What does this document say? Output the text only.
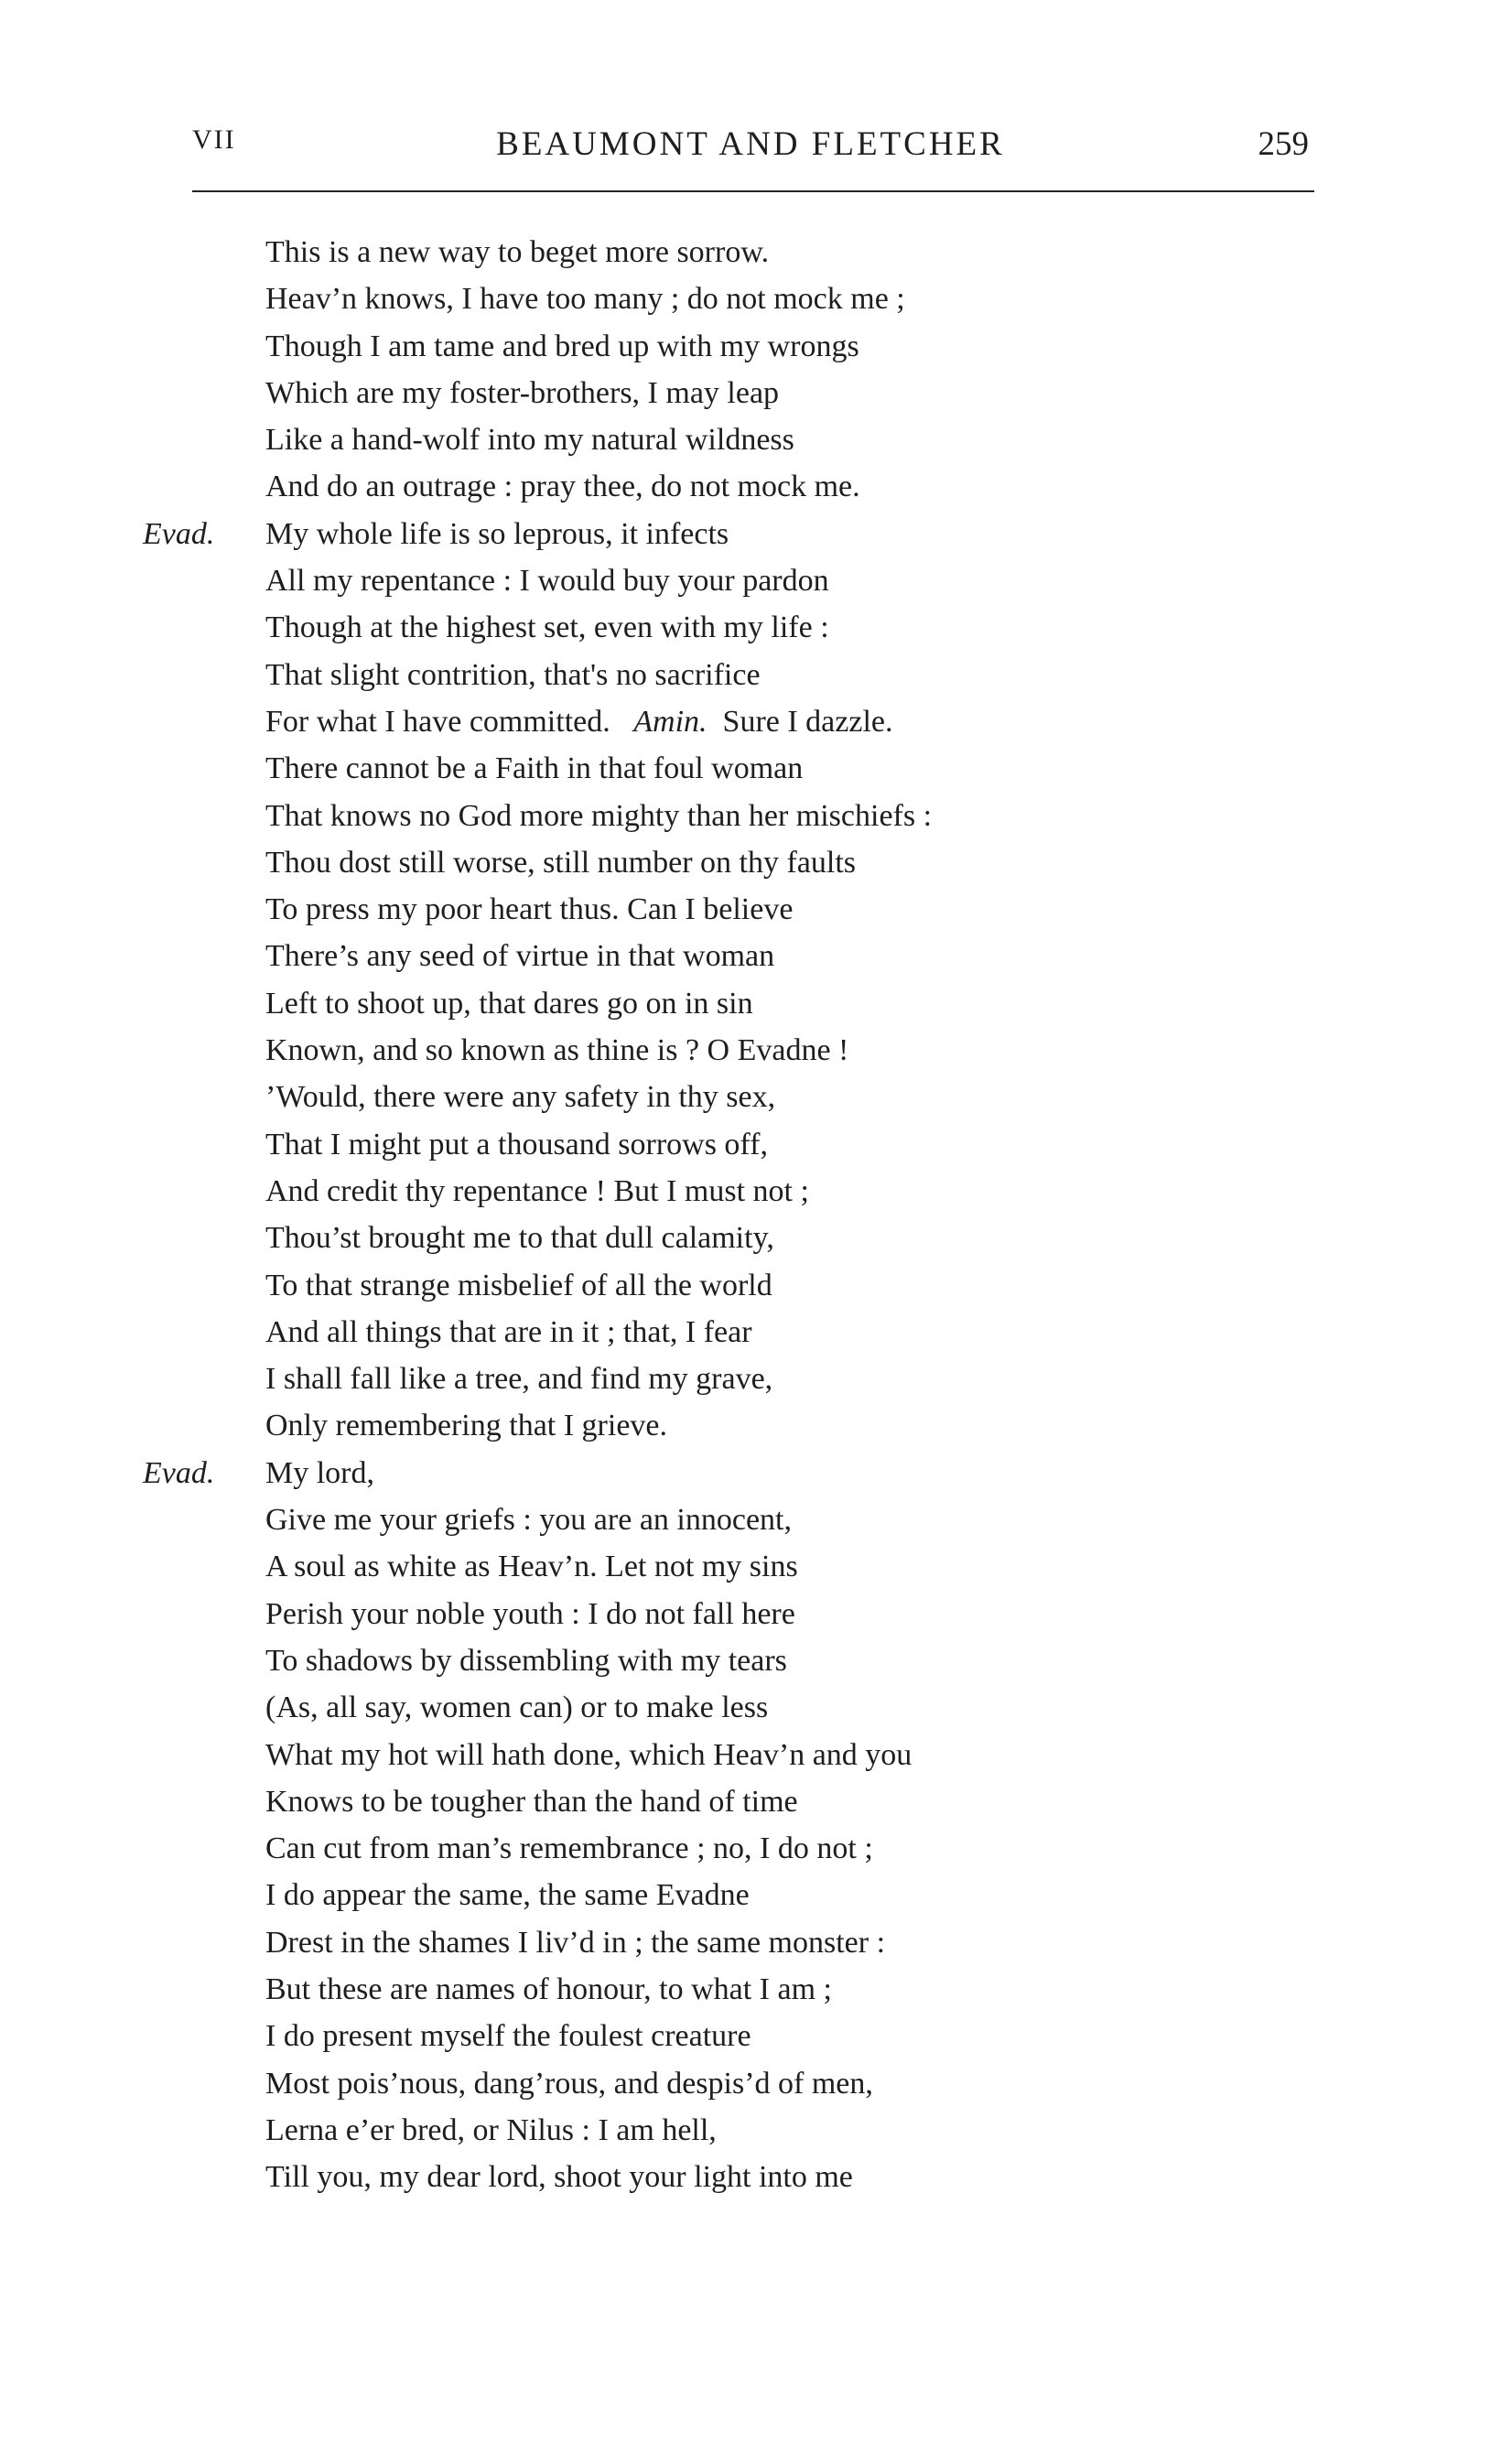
VII	BEAUMONT AND FLETCHER	259
This is a new way to beget more sorrow.
Heav’n knows, I have too many ; do not mock me ;
Though I am tame and bred up with my wrongs
Which are my foster-brothers, I may leap
Like a hand-wolf into my natural wildness
And do an outrage : pray thee, do not mock me.
Evad. My whole life is so leprous, it infects
All my repentance : I would buy your pardon
Though at the highest set, even with my life :
That slight contrition, that's no sacrifice
For what I have committed. Amin. Sure I dazzle.
There cannot be a Faith in that foul woman
That knows no God more mighty than her mischiefs :
Thou dost still worse, still number on thy faults
To press my poor heart thus. Can I believe
There’s any seed of virtue in that woman
Left to shoot up, that dares go on in sin
Known, and so known as thine is ? O Evadne !
’Would, there were any safety in thy sex,
That I might put a thousand sorrows off,
And credit thy repentance ! But I must not ;
Thou’st brought me to that dull calamity,
To that strange misbelief of all the world
And all things that are in it ; that, I fear
I shall fall like a tree, and find my grave,
Only remembering that I grieve.
Evad. My lord,
Give me your griefs : you are an innocent,
A soul as white as Heav’n. Let not my sins
Perish your noble youth : I do not fall here
To shadows by dissembling with my tears
(As, all say, women can) or to make less
What my hot will hath done, which Heav’n and you
Knows to be tougher than the hand of time
Can cut from man’s remembrance ; no, I do not ;
I do appear the same, the same Evadne
Drest in the shames I liv’d in ; the same monster :
But these are names of honour, to what I am ;
I do present myself the foulest creature
Most pois’nous, dang’rous, and despis’d of men,
Lerna e’er bred, or Nilus : I am hell,
Till you, my dear lord, shoot your light into me
